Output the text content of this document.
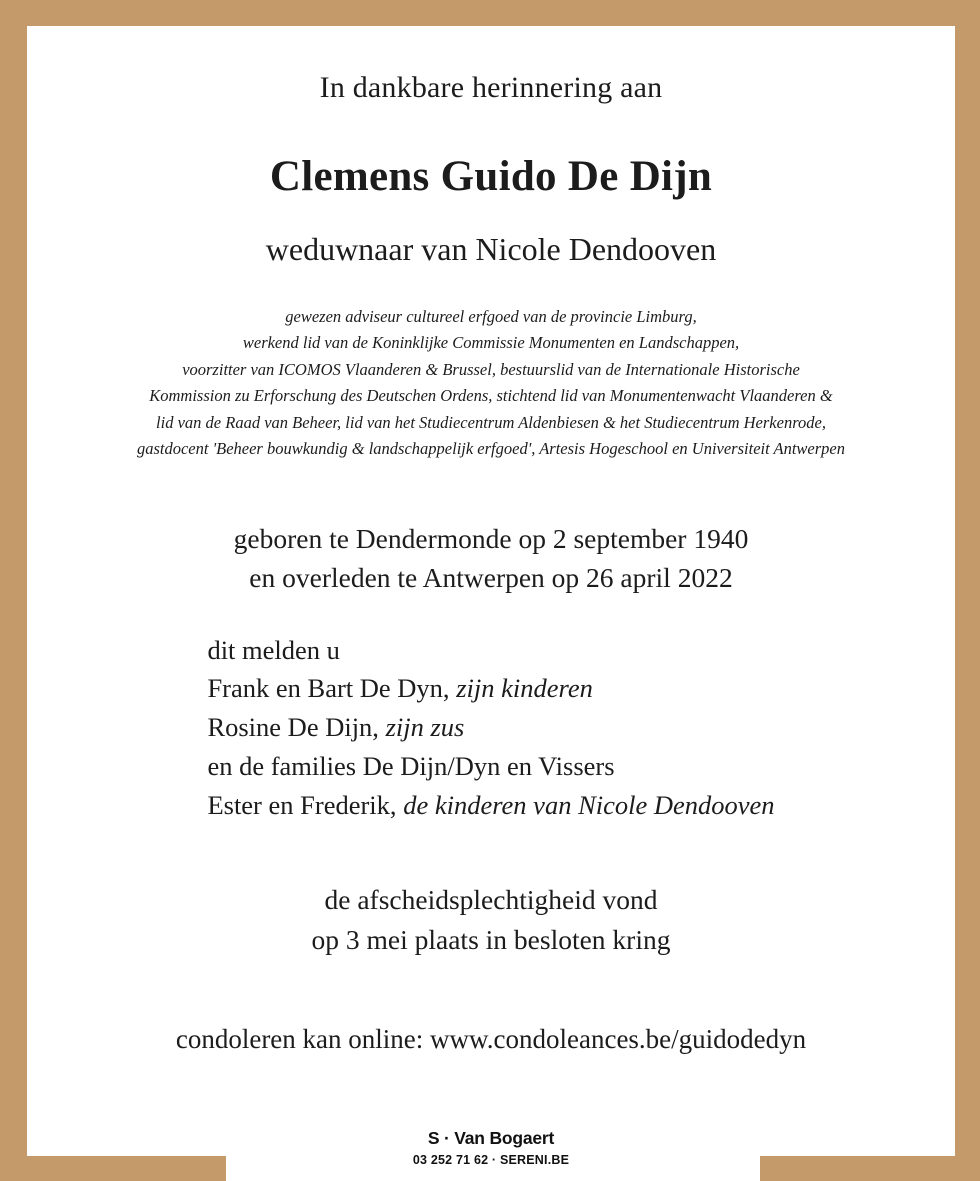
In dankbare herinnering aan
Clemens Guido De Dijn
weduwnaar van Nicole Dendooven
gewezen adviseur cultureel erfgoed van de provincie Limburg,
werkend lid van de Koninklijke Commissie Monumenten en Landschappen,
voorzitter van ICOMOS Vlaanderen & Brussel, bestuurslid van de Internationale Historische
Kommission zu Erforschung des Deutschen Ordens, stichtend lid van Monumentenwacht Vlaanderen &
lid van de Raad van Beheer, lid van het Studiecentrum Aldenbiesen & het Studiecentrum Herkenrode,
gastdocent 'Beheer bouwkundig & landschappelijk erfgoed', Artesis Hogeschool en Universiteit Antwerpen
geboren te Dendermonde op 2 september 1940
en overleden te Antwerpen op 26 april 2022
dit melden u
Frank en Bart De Dyn, zijn kinderen
Rosine De Dijn, zijn zus
en de families De Dijn/Dyn en Vissers
Ester en Frederik, de kinderen van Nicole Dendooven
de afscheidsplechtigheid vond
op 3 mei plaats in besloten kring
condoleren kan online: www.condoleances.be/guidodedyn
S · Van Bogaert
03 252 71 62 · SERENI.BE
